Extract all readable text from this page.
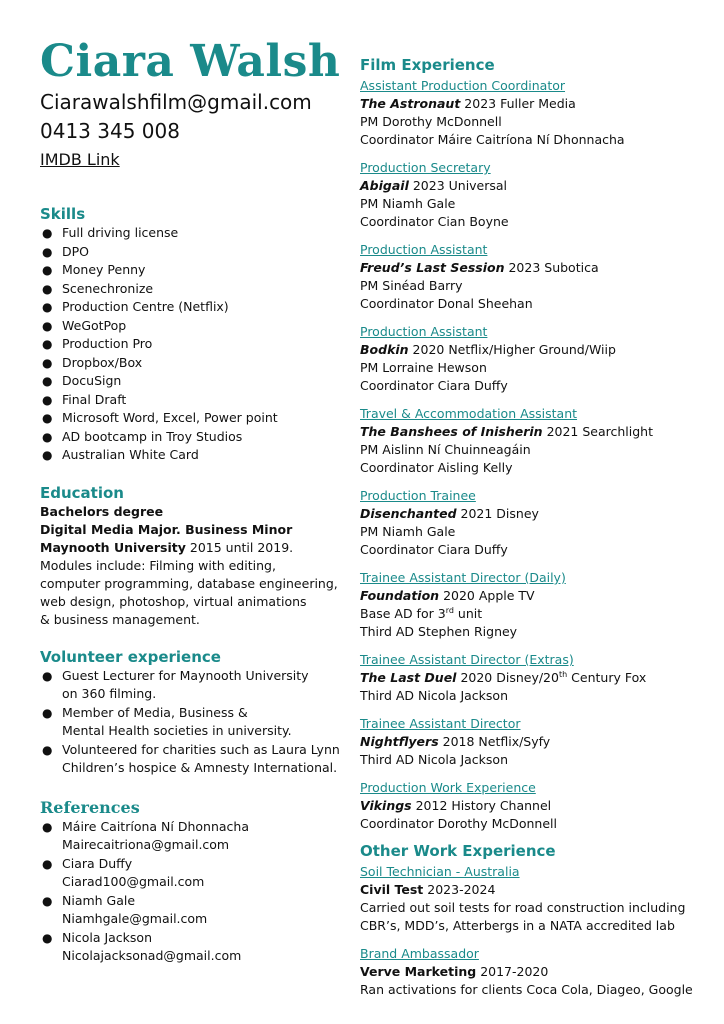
Ciara Walsh
Ciarawalshfilm@gmail.com
0413 345 008
IMDB Link
Skills
● Full driving license
● DPO
● Money Penny
● Scenechronize
● Production Centre (Netflix)
● WeGotPop
● Production Pro
● Dropbox/Box
● DocuSign
● Final Draft
● Microsoft Word, Excel, Power point
● AD bootcamp in Troy Studios
● Australian White Card
Education
Bachelors degree
Digital Media Major. Business Minor
Maynooth University 2015 until 2019.
Modules include: Filming with editing,
computer programming, database engineering,
web design, photoshop, virtual animations
& business management.
Volunteer experience
● Guest Lecturer for Maynooth University
on 360 filming.
● Member of Media, Business &
Mental Health societies in university.
● Volunteered for charities such as Laura Lynn
Children’s hospice & Amnesty International.
References
● Máire Caitríona Ní Dhonnacha
Mairecaitriona@gmail.com
● Ciara Duffy
Ciarad100@gmail.com
● Niamh Gale
Niamhgale@gmail.com
● Nicola Jackson
Nicolajacksonad@gmail.com
Film Experience
Assistant Production Coordinator
The Astronaut 2023 Fuller Media
PM Dorothy McDonnell
Coordinator Máire Caitríona Ní Dhonnacha
Production Secretary
Abigail 2023 Universal
PM Niamh Gale
Coordinator Cian Boyne
Production Assistant
Freud’s Last Session 2023 Subotica
PM Sinéad Barry
Coordinator Donal Sheehan
Production Assistant
Bodkin 2020 Netflix/Higher Ground/Wiip
PM Lorraine Hewson
Coordinator Ciara Duffy
Travel & Accommodation Assistant
The Banshees of Inisherin 2021 Searchlight
PM Aislinn Ní Chuinneagáin
Coordinator Aisling Kelly
Production Trainee
Disenchanted 2021 Disney
PM Niamh Gale
Coordinator Ciara Duffy
Trainee Assistant Director (Daily)
Foundation 2020 Apple TV
Base AD for 3rd unit
Third AD Stephen Rigney
Trainee Assistant Director (Extras)
The Last Duel 2020 Disney/20th Century Fox
Third AD Nicola Jackson
Trainee Assistant Director
Nightflyers 2018 Netflix/Syfy
Third AD Nicola Jackson
Production Work Experience
Vikings 2012 History Channel
Coordinator Dorothy McDonnell
Other Work Experience
Soil Technician - Australia
Civil Test 2023-2024
Carried out soil tests for road construction including
CBR’s, MDD’s, Atterbergs in a NATA accredited lab
Brand Ambassador
Verve Marketing 2017-2020
Ran activations for clients Coca Cola, Diageo, Google
